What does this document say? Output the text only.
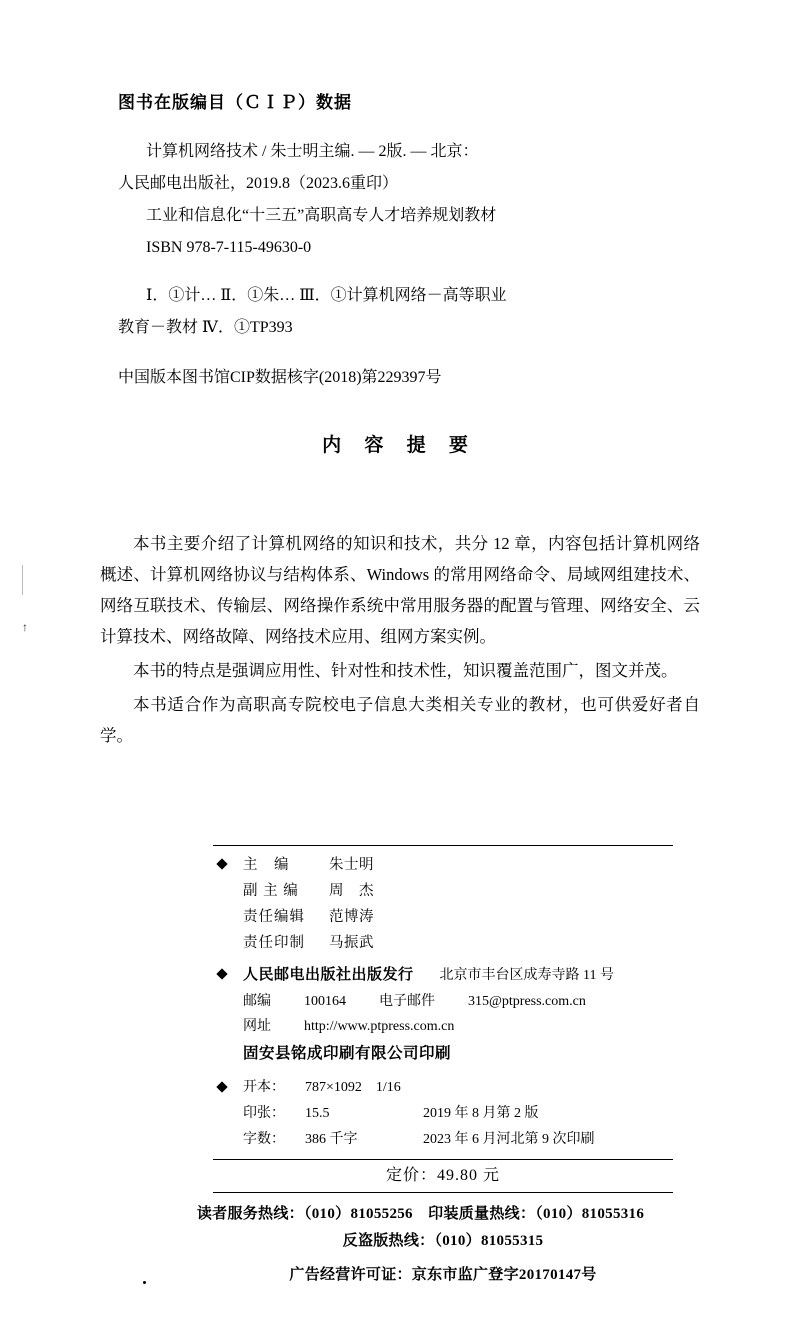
图书在版编目（ＣＩＰ）数据
计算机网络技术 / 朱士明主编. — 2版. — 北京：
人民邮电出版社，2019.8（2023.6重印）
工业和信息化“十三五”高职高专人才培养规划教材
ISBN 978-7-115-49630-0
Ⅰ．①计… Ⅱ．①朱… Ⅲ．①计算机网络－高等职业
教育－教材 Ⅳ．①TP393
中国版本图书馆CIP数据核字(2018)第229397号
内 容 提 要

本书主要介绍了计算机网络的知识和技术，共分 12 章，内容包括计算机网络概述、计算机网络协议与结构体系、Windows 的常用网络命令、局域网组建技术、网络互联技术、传输层、网络操作系统中常用服务器的配置与管理、网络安全、云计算技术、网络故障、网络技术应用、组网方案实例。

本书的特点是强调应用性、针对性和技术性，知识覆盖范围广，图文并茂。

本书适合作为高职高专院校电子信息大类相关专业的教材，也可供爱好者自学。

↑
主　编	朱士明
副 主 编	周　杰
责任编辑	范博涛
责任印制	马振武
人民邮电出版社出版发行 北京市丰台区成寿寺路 11 号
邮编 100164 电子邮件 315@ptpress.com.cn
网址 http://www.ptpress.com.cn
固安县铭成印刷有限公司印刷
开本： 787×1092　1/16
印张： 15.5	2019 年 8 月第 2 版
字数： 386 千字	2023 年 6 月河北第 9 次印刷
定价：49.80 元
读者服务热线：（010）81055256　印装质量热线：（010）81055316
反盗版热线：（010）81055315
广告经营许可证：京东市监广登字20170147号
